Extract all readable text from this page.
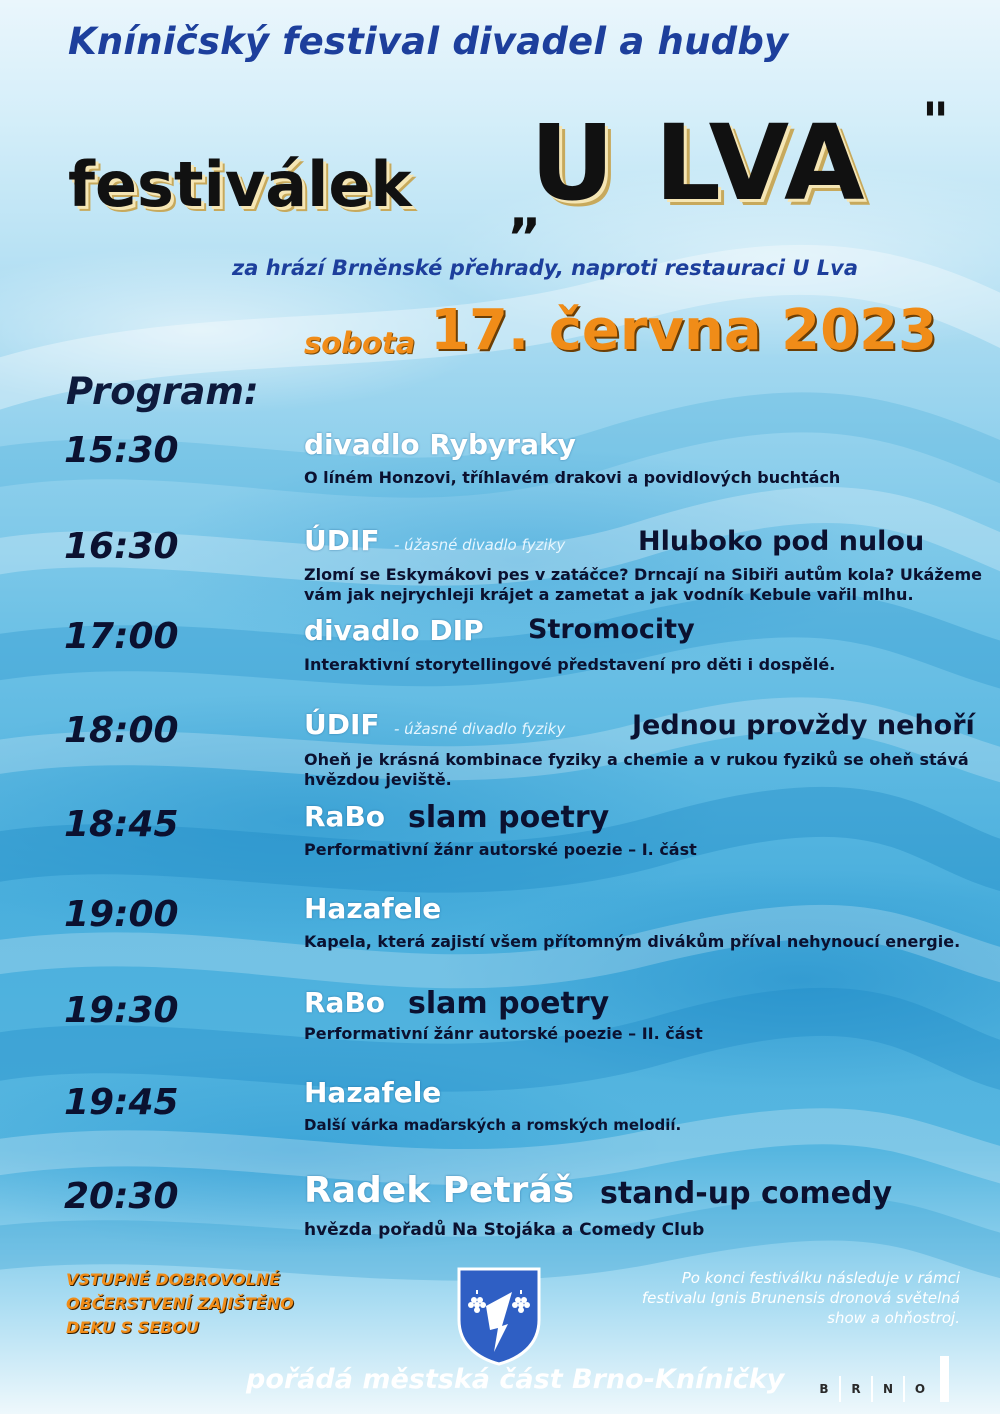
Kníničský festival divadel a hudby
festiválek „
U LVA "
za hrází Brněnské přehrady, naproti restauraci U Lva
sobota 17. června 2023
Program:
15:30	divadlo Rybyraky
O líném Honzovi, tříhlavém drakovi a povidlových buchtách
16:30	ÚDIF - úžasné divadlo fyziky	Hluboko pod nulou
Zlomí se Eskymákovi pes v zatáčce? Drncají na Sibiři autům kola? Ukážeme
vám jak nejrychleji krájet a zametat a jak vodník Kebule vařil mlhu.
17:00	divadlo DIP Stromocity
Interaktivní storytellingové představení pro děti i dospělé.
18:00	ÚDIF - úžasné divadlo fyziky Jednou provždy nehoří
Oheň je krásná kombinace fyziky a chemie a v rukou fyziků se oheň stává
hvězdou jeviště.
18:45	RaBo slam poetry
Performativní žánr autorské poezie – I. část
19:00	Hazafele
Kapela, která zajistí všem přítomným divákům příval nehynoucí energie.
19:30	RaBo slam poetry
Performativní žánr autorské poezie – II. část
19:45	Hazafele
Další várka maďarských a romských melodií.
20:30	Radek Petráš stand-up comedy
hvězda pořadů Na Stojáka a Comedy Club
VSTUPNÉ DOBROVOLNÉ
OBČERSTVENÍ ZAJIŠTĚNO
DEKU S SEBOU
Po konci festiválku následuje v rámci festivalu Ignis Brunensis dronová světelná show a ohňostroj.
pořádá městská část Brno-Kníničky	B	R	N	O
